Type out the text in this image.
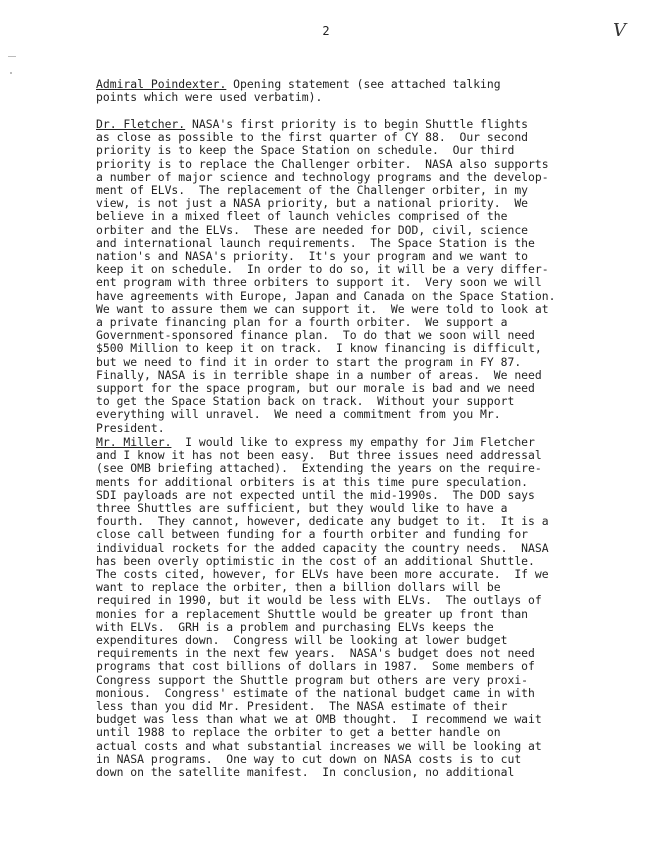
2	V

Admiral Poindexter. Opening statement (see attached talking
points which were used verbatim).

Dr. Fletcher. NASA's first priority is to begin Shuttle flights
as close as possible to the first quarter of CY 88.  Our second
priority is to keep the Space Station on schedule.  Our third
priority is to replace the Challenger orbiter.  NASA also supports
a number of major science and technology programs and the develop-
ment of ELVs.  The replacement of the Challenger orbiter, in my
view, is not just a NASA priority, but a national priority.  We
believe in a mixed fleet of launch vehicles comprised of the
orbiter and the ELVs.  These are needed for DOD, civil, science
and international launch requirements.  The Space Station is the
nation's and NASA's priority.  It's your program and we want to
keep it on schedule.  In order to do so, it will be a very differ-
ent program with three orbiters to support it.  Very soon we will
have agreements with Europe, Japan and Canada on the Space Station.
We want to assure them we can support it.  We were told to look at
a private financing plan for a fourth orbiter.  We support a
Government-sponsored finance plan.  To do that we soon will need
$500 Million to keep it on track.  I know financing is difficult,
but we need to find it in order to start the program in FY 87.
Finally, NASA is in terrible shape in a number of areas.  We need
support for the space program, but our morale is bad and we need
to get the Space Station back on track.  Without your support
everything will unravel.  We need a commitment from you Mr.
President.

Mr. Miller.  I would like to express my empathy for Jim Fletcher
and I know it has not been easy.  But three issues need addressal
(see OMB briefing attached).  Extending the years on the require-
ments for additional orbiters is at this time pure speculation.
SDI payloads are not expected until the mid-1990s.  The DOD says
three Shuttles are sufficient, but they would like to have a
fourth.  They cannot, however, dedicate any budget to it.  It is a
close call between funding for a fourth orbiter and funding for
individual rockets for the added capacity the country needs.  NASA
has been overly optimistic in the cost of an additional Shuttle.
The costs cited, however, for ELVs have been more accurate.  If we
want to replace the orbiter, then a billion dollars will be
required in 1990, but it would be less with ELVs.  The outlays of
monies for a replacement Shuttle would be greater up front than
with ELVs.  GRH is a problem and purchasing ELVs keeps the
expenditures down.  Congress will be looking at lower budget
requirements in the next few years.  NASA's budget does not need
programs that cost billions of dollars in 1987.  Some members of
Congress support the Shuttle program but others are very proxi-
monious.  Congress' estimate of the national budget came in with
less than you did Mr. President.  The NASA estimate of their
budget was less than what we at OMB thought.  I recommend we wait
until 1988 to replace the orbiter to get a better handle on
actual costs and what substantial increases we will be looking at
in NASA programs.  One way to cut down on NASA costs is to cut
down on the satellite manifest.  In conclusion, no additional
